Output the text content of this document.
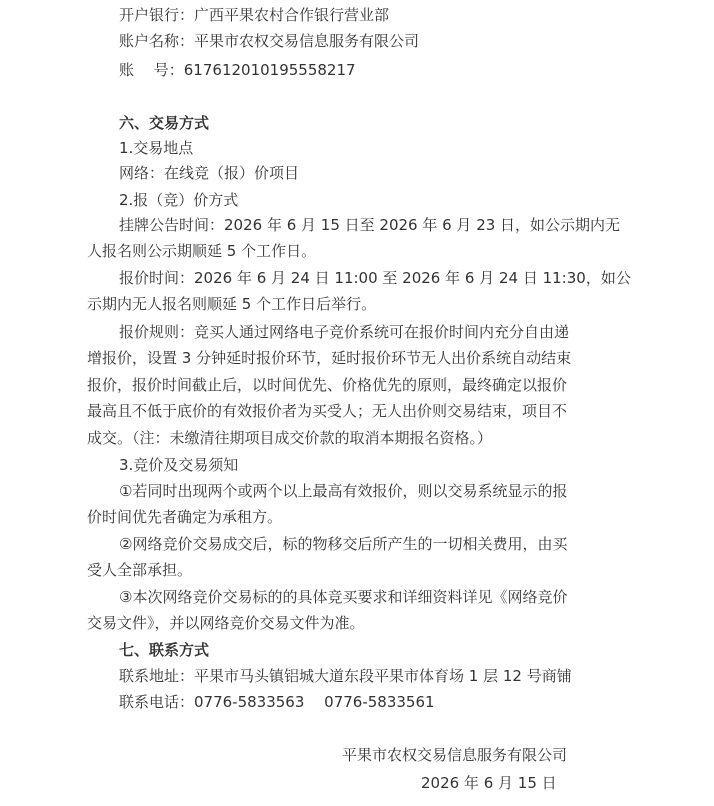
开户银行：广西平果农村合作银行营业部
账户名称：平果市农权交易信息服务有限公司
账　 号：617612010195558217
六、交易方式
1.交易地点
网络：在线竞（报）价项目
2.报（竞）价方式
挂牌公告时间：2026 年 6 月 15 日至 2026 年 6 月 23 日，如公示期内无
人报名则公示期顺延 5 个工作日。
报价时间：2026 年 6 月 24 日 11:00 至 2026 年 6 月 24 日 11:30，如公
示期内无人报名则顺延 5 个工作日后举行。
报价规则：竞买人通过网络电子竞价系统可在报价时间内充分自由递
增报价，设置 3 分钟延时报价环节，延时报价环节无人出价系统自动结束
报价，报价时间截止后，以时间优先、价格优先的原则，最终确定以报价
最高且不低于底价的有效报价者为买受人；无人出价则交易结束，项目不
成交。（注：未缴清往期项目成交价款的取消本期报名资格。）
3.竞价及交易须知
①若同时出现两个或两个以上最高有效报价，则以交易系统显示的报
价时间优先者确定为承租方。
②网络竞价交易成交后，标的物移交后所产生的一切相关费用，由买
受人全部承担。
③本次网络竞价交易标的的具体竞买要求和详细资料详见《网络竞价
交易文件》，并以网络竞价交易文件为准。
七、联系方式
联系地址：平果市马头镇铝城大道东段平果市体育场 1 层 12 号商铺
联系电话：0776-5833563　 0776-5833561
平果市农权交易信息服务有限公司
2026 年 6 月 15 日
